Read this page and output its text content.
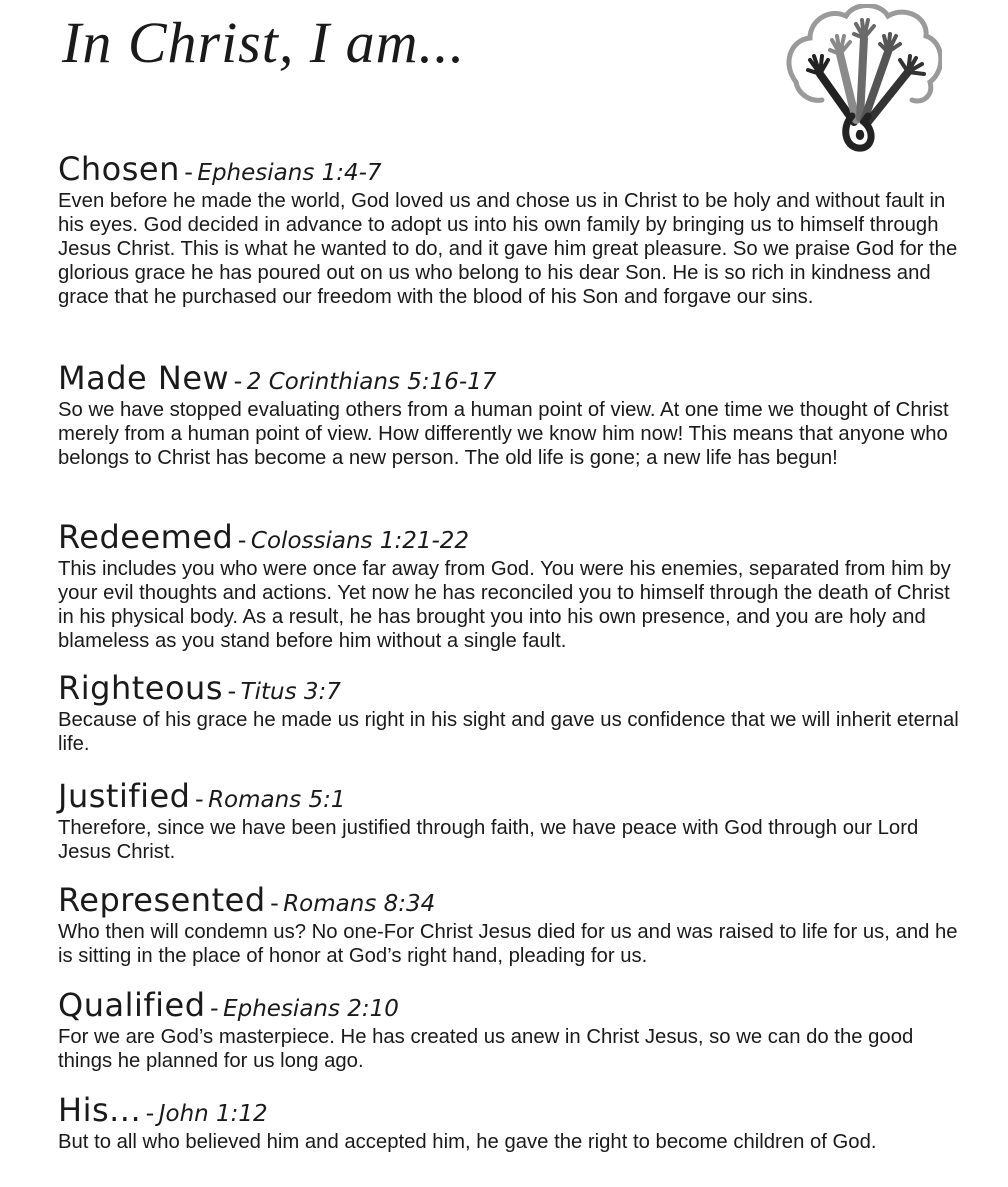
In Christ, I am...
Chosen - Ephesians 1:4-7

Even before he made the world, God loved us and chose us in Christ to be holy and without fault in his eyes. God decided in advance to adopt us into his own family by bringing us to himself through Jesus Christ. This is what he wanted to do, and it gave him great pleasure. So we praise God for the glorious grace he has poured out on us who belong to his dear Son. He is so rich in kindness and grace that he purchased our freedom with the blood of his Son and forgave our sins.

Made New - 2 Corinthians 5:16-17

So we have stopped evaluating others from a human point of view. At one time we thought of Christ merely from a human point of view. How differently we know him now! This means that anyone who belongs to Christ has become a new person. The old life is gone; a new life has begun!

Redeemed - Colossians 1:21-22

This includes you who were once far away from God. You were his enemies, separated from him by your evil thoughts and actions. Yet now he has reconciled you to himself through the death of Christ in his physical body. As a result, he has brought you into his own presence, and you are holy and blameless as you stand before him without a single fault.

Righteous - Titus 3:7

Because of his grace he made us right in his sight and gave us confidence that we will inherit eternal life.

Justified - Romans 5:1

Therefore, since we have been justified through faith, we have peace with God through our Lord Jesus Christ.

Represented - Romans 8:34

Who then will condemn us? No one-For Christ Jesus died for us and was raised to life for us, and he is sitting in the place of honor at God’s right hand, pleading for us.

Qualified - Ephesians 2:10

For we are God’s masterpiece. He has created us anew in Christ Jesus, so we can do the good things he planned for us long ago.

His... - John 1:12

But to all who believed him and accepted him, he gave the right to become children of God.
